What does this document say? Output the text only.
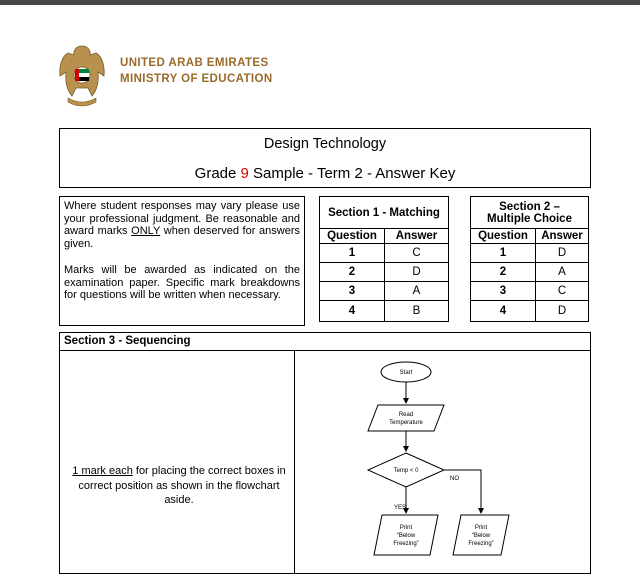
UNITED ARAB EMIRATES
MINISTRY OF EDUCATION
Design Technology
Grade 9 Sample - Term 2 - Answer Key
Where student responses may vary please use your professional judgment. Be reasonable and award marks ONLY when deserved for answers given.
Marks will be awarded as indicated on the examination paper. Specific mark breakdowns for questions will be written when necessary.
Section 1 - Matching	
Question	Answer
1	C
2	D
3	A
4	B
Section 2 –
Multiple Choice	

Question	Answer
1	D
2	A
3	C
4	D
Section 3 - Sequencing
1 mark each for placing the correct boxes in correct position as shown in the flowchart aside.
Start
Read
Temperature
Temp < 0
NO
YES
Print
“Below
Freezing”
Print
“Below
Freezing”
